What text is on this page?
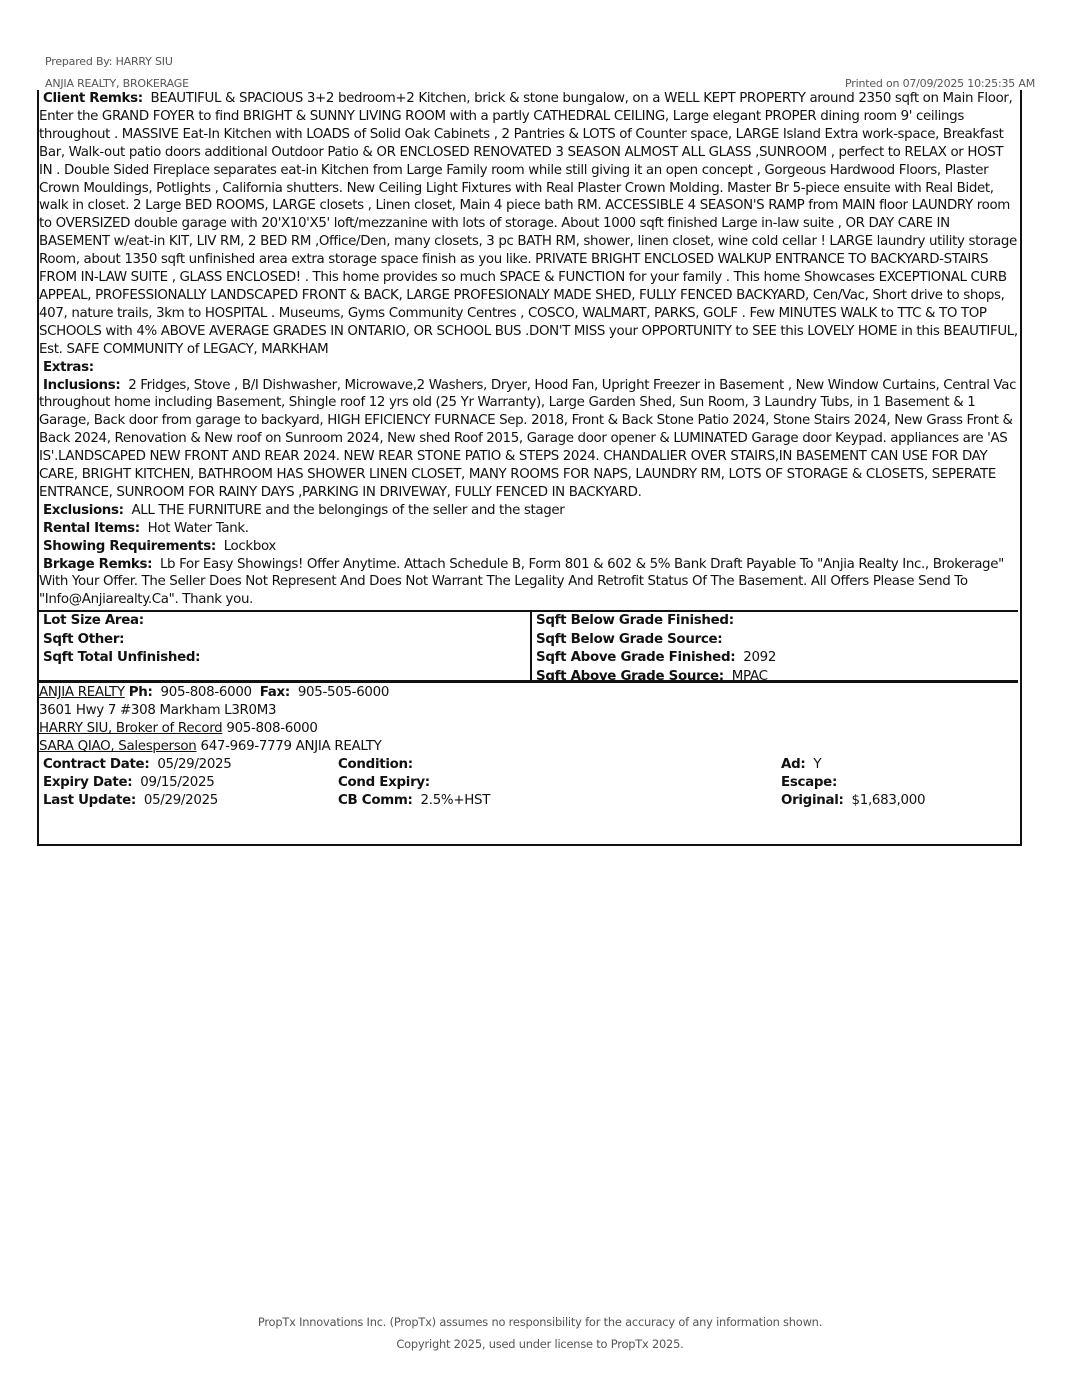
Prepared By: HARRY SIU
ANJIA REALTY, BROKERAGE	Printed on 07/09/2025 10:25:35 AM

Client Remks: BEAUTIFUL & SPACIOUS 3+2 bedroom+2 Kitchen, brick & stone bungalow, on a WELL KEPT PROPERTY around 2350 sqft on Main Floor, Enter the GRAND FOYER to find BRIGHT & SUNNY LIVING ROOM with a partly CATHEDRAL CEILING, Large elegant PROPER dining room 9' ceilings throughout . MASSIVE Eat-In Kitchen with LOADS of Solid Oak Cabinets , 2 Pantries & LOTS of Counter space, LARGE Island Extra work-space, Breakfast Bar, Walk-out patio doors additional Outdoor Patio & OR ENCLOSED RENOVATED 3 SEASON ALMOST ALL GLASS ,SUNROOM , perfect to RELAX or HOST IN . Double Sided Fireplace separates eat-in Kitchen from Large Family room while still giving it an open concept , Gorgeous Hardwood Floors, Plaster Crown Mouldings, Potlights , California shutters. New Ceiling Light Fixtures with Real Plaster Crown Molding. Master Br 5-piece ensuite with Real Bidet, walk in closet. 2 Large BED ROOMS, LARGE closets , Linen closet, Main 4 piece bath RM. ACCESSIBLE 4 SEASON'S RAMP from MAIN floor LAUNDRY room to OVERSIZED double garage with 20'X10'X5' loft/mezzanine with lots of storage. About 1000 sqft finished Large in-law suite , OR DAY CARE IN BASEMENT w/eat-in KIT, LIV RM, 2 BED RM ,Office/Den, many closets, 3 pc BATH RM, shower, linen closet, wine cold cellar ! LARGE laundry utility storage Room, about 1350 sqft unfinished area extra storage space finish as you like. PRIVATE BRIGHT ENCLOSED WALKUP ENTRANCE TO BACKYARD-STAIRS FROM IN-LAW SUITE , GLASS ENCLOSED! . This home provides so much SPACE & FUNCTION for your family . This home Showcases EXCEPTIONAL CURB APPEAL, PROFESSIONALLY LANDSCAPED FRONT & BACK, LARGE PROFESIONALY MADE SHED, FULLY FENCED BACKYARD, Cen/Vac, Short drive to shops, 407, nature trails, 3km to HOSPITAL . Museums, Gyms Community Centres , COSCO, WALMART, PARKS, GOLF . Few MINUTES WALK to TTC & TO TOP SCHOOLS with 4% ABOVE AVERAGE GRADES IN ONTARIO, OR SCHOOL BUS .DON'T MISS your OPPORTUNITY to SEE this LOVELY HOME in this BEAUTIFUL, Est. SAFE COMMUNITY of LEGACY, MARKHAM

Extras:

Inclusions: 2 Fridges, Stove , B/I Dishwasher, Microwave,2 Washers, Dryer, Hood Fan, Upright Freezer in Basement , New Window Curtains, Central Vac throughout home including Basement, Shingle roof 12 yrs old (25 Yr Warranty), Large Garden Shed, Sun Room, 3 Laundry Tubs, in 1 Basement & 1 Garage, Back door from garage to backyard, HIGH EFICIENCY FURNACE Sep. 2018, Front & Back Stone Patio 2024, Stone Stairs 2024, New Grass Front & Back 2024, Renovation & New roof on Sunroom 2024, New shed Roof 2015, Garage door opener & LUMINATED Garage door Keypad. appliances are 'AS IS'.LANDSCAPED NEW FRONT AND REAR 2024. NEW REAR STONE PATIO & STEPS 2024. CHANDALIER OVER STAIRS,IN BASEMENT CAN USE FOR DAY CARE, BRIGHT KITCHEN, BATHROOM HAS SHOWER LINEN CLOSET, MANY ROOMS FOR NAPS, LAUNDRY RM, LOTS OF STORAGE & CLOSETS, SEPERATE ENTRANCE, SUNROOM FOR RAINY DAYS ,PARKING IN DRIVEWAY, FULLY FENCED IN BACKYARD.

Exclusions: ALL THE FURNITURE and the belongings of the seller and the stager

Rental Items: Hot Water Tank.

Showing Requirements: Lockbox

Brkage Remks: Lb For Easy Showings! Offer Anytime. Attach Schedule B, Form 801 & 602 & 5% Bank Draft Payable To "Anjia Realty Inc., Brokerage" With Your Offer. The Seller Does Not Represent And Does Not Warrant The Legality And Retrofit Status Of The Basement. All Offers Please Send To "Info@Anjiarealty.Ca". Thank you.

Lot Size Area:
Sqft Other:
Sqft Total Unfinished:
Sqft Below Grade Finished:
Sqft Below Grade Source:
Sqft Above Grade Finished: 2092
Sqft Above Grade Source: MPAC
ANJIA REALTY Ph: 905-808-6000 Fax: 905-505-6000
3601 Hwy 7 #308 Markham L3R0M3
HARRY SIU, Broker of Record 905-808-6000
SARA QIAO, Salesperson 647-969-7779 ANJIA REALTY
Contract Date: 05/29/2025	Condition:	Ad: Y
Expiry Date: 09/15/2025	Cond Expiry:	Escape:
Last Update: 05/29/2025	CB Comm: 2.5%+HST	Original: $1,683,000
PropTx Innovations Inc. (PropTx) assumes no responsibility for the accuracy of any information shown.
Copyright 2025, used under license to PropTx 2025.
